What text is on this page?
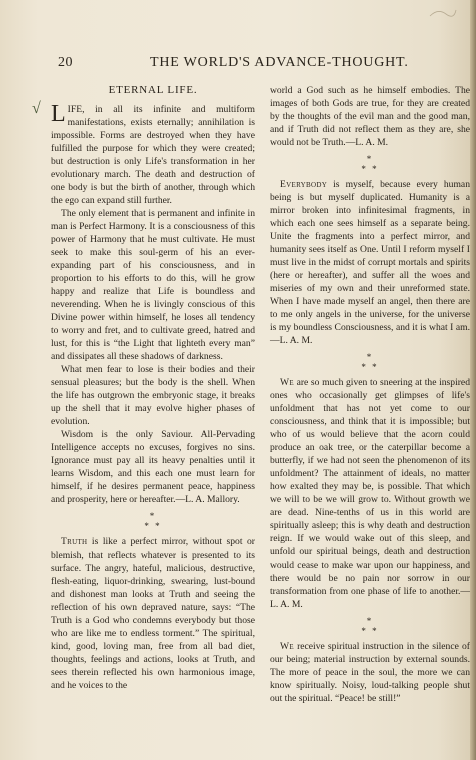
20	THE WORLD'S ADVANCE-THOUGHT.
√
ETERNAL LIFE.

LIFE, in all its infinite and multiform manifestations, exists eternally; annihilation is impossible. Forms are destroyed when they have fulfilled the purpose for which they were created; but destruction is only Life's transformation in her evolutionary march. The death and destruction of one body is but the birth of another, through which the ego can expand still further.

The only element that is permanent and infinite in man is Perfect Harmony. It is a consciousness of this power of Harmony that he must cultivate. He must seek to make this soul-germ of his an ever-expanding part of his consciousness, and in proportion to his efforts to do this, will he grow happy and realize that Life is boundless and neverending. When he is livingly conscious of this Divine power within himself, he loses all tendency to worry and fret, and to cultivate greed, hatred and lust, for this is “the Light that lighteth every man” and dissipates all these shadows of darkness.

What men fear to lose is their bodies and their sensual pleasures; but the body is the shell. When the life has outgrown the embryonic stage, it breaks up the shell that it may evolve higher phases of evolution.

Wisdom is the only Saviour. All-Pervading Intelligence accepts no excuses, forgives no sins. Ignorance must pay all its heavy penalties until it learns Wisdom, and this each one must learn for himself, if he desires permanent peace, happiness and prosperity, here or hereafter.—L. A. Mallory.

*
* *

Truth is like a perfect mirror, without spot or blemish, that reflects whatever is presented to its surface. The angry, hateful, malicious, destructive, flesh-eating, liquor-drinking, swearing, lust-bound and dishonest man looks at Truth and seeing the reflection of his own depraved nature, says: “The Truth is a God who condemns everybody but those who are like me to endless torment.” The spiritual, kind, good, loving man, free from all bad diet, thoughts, feelings and actions, looks at Truth, and sees therein reflected his own harmonious image, and he voices to the

world a God such as he himself embodies. The images of both Gods are true, for they are created by the thoughts of the evil man and the good man, and if Truth did not reflect them as they are, she would not be Truth.—L. A. M.

*
* *

Everybody is myself, because every human being is but myself duplicated. Humanity is a mirror broken into infinitesimal fragments, in which each one sees himself as a separate being. Unite the fragments into a perfect mirror, and humanity sees itself as One. Until I reform myself I must live in the midst of corrupt mortals and spirits (here or hereafter), and suffer all the woes and miseries of my own and their unreformed state. When I have made myself an angel, then there are to me only angels in the universe, for the universe is my boundless Consciousness, and it is what I am.—L. A. M.

*
* *

We are so much given to sneering at the inspired ones who occasionally get glimpses of life's unfoldment that has not yet come to our consciousness, and think that it is impossible; but who of us would believe that the acorn could produce an oak tree, or the caterpillar become a butterfly, if we had not seen the phenomenon of its unfoldment? The attainment of ideals, no matter how exalted they may be, is possible. That which we will to be we will grow to. Without growth we are dead. Nine-tenths of us in this world are spiritually asleep; this is why death and destruction reign. If we would wake out of this sleep, and unfold our spiritual beings, death and destruction would cease to make war upon our happiness, and there would be no pain nor sorrow in our transformation from one phase of life to another.—L. A. M.

*
* *

We receive spiritual instruction in the silence of our being; material instruction by external sounds. The more of peace in the soul, the more we can know spiritually. Noisy, loud-talking people shut out the spiritual. “Peace! be still!”
